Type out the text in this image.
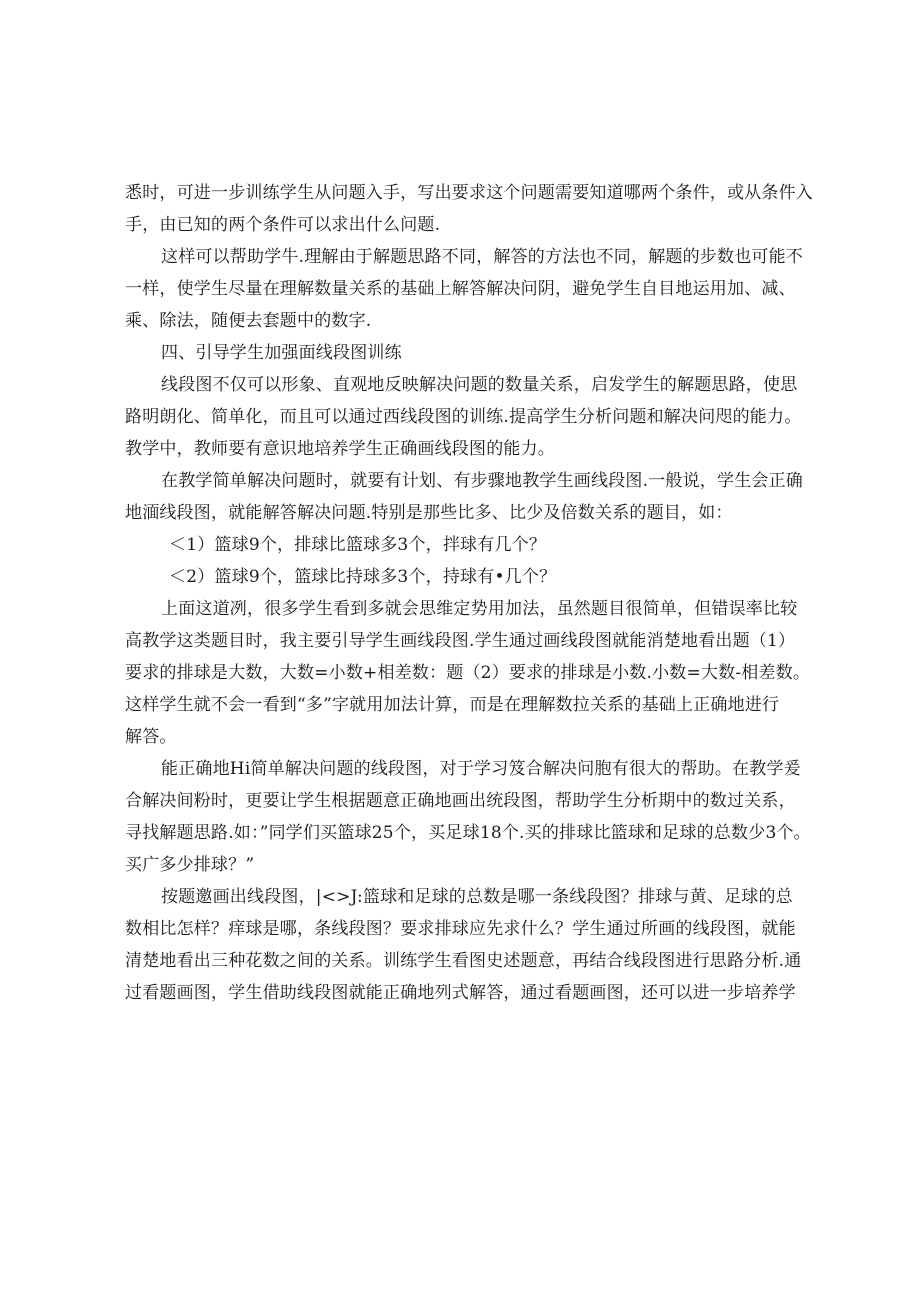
悉时，可进一步训练学生从问题入手，写出要求这个问题需要知道哪两个条件，或从条件入
手，由已知的两个条件可以求出什么问题.
这样可以帮助学牛.理解由于解题思路不同，解答的方法也不同，解题的步数也可能不
一样，使学生尽量在理解数量关系的基础上解答解决问阴，避免学生自目地运用加、减、
乘、除法，随便去套题中的数字.
四、引导学生加强面线段图训练
线段图不仅可以形象、直观地反映解决问题的数量关系，启发学生的解题思路，使思
路明朗化、简单化，而且可以通过西线段图的训练.提高学生分析问题和解决问咫的能力。
教学中，教师要有意识地培养学生正确画线段图的能力。
在教学简单解决问题时，就要有计划、有步骤地教学生画线段图.一般说，学生会正确
地湎线段图，就能解答解决问题.特别是那些比多、比少及倍数关系的题目，如：
＜1）篮球9个，排球比篮球多3个，拌球有几个？
＜2）篮球9个，篮球比持球多3个，持球有•几个？
上面这道冽，很多学生看到多就会思维定势用加法，虽然题目很简单，但错误率比较
高教学这类题目时，我主要引导学生画线段图.学生通过画线段图就能消楚地看出题（1）
要求的排球是大数，大数=小数+相差数：题（2）要求的排球是小数.小数=大数-相差数。
这样学生就不会一看到“多”字就用加法计算，而是在理解数拉关系的基础上正确地进行
解答。
能正确地Hi简单解决问题的线段图，对于学习笈合解决问胞有很大的帮助。在教学爰
合解决间粉时，更要让学生根据题意正确地画出统段图，帮助学生分析期中的数过关系，
寻找解题思路.如：”同学们买篮球25个，买足球18个.买的排球比篮球和足球的总数少3个。
买广多少排球？”
按题邀画出线段图，|<>J:篮球和足球的总数是哪一条线段图？排球与黄、足球的总
数相比怎样？痒球是哪，条线段图？要求排球应先求什么？学生通过所画的线段图，就能
清楚地看出三种花数之间的关系。训练学生看图史述题意，再结合线段图进行思路分析.通
过看题画图，学生借助线段图就能正确地列式解答，通过看题画图，还可以进一步培养学
